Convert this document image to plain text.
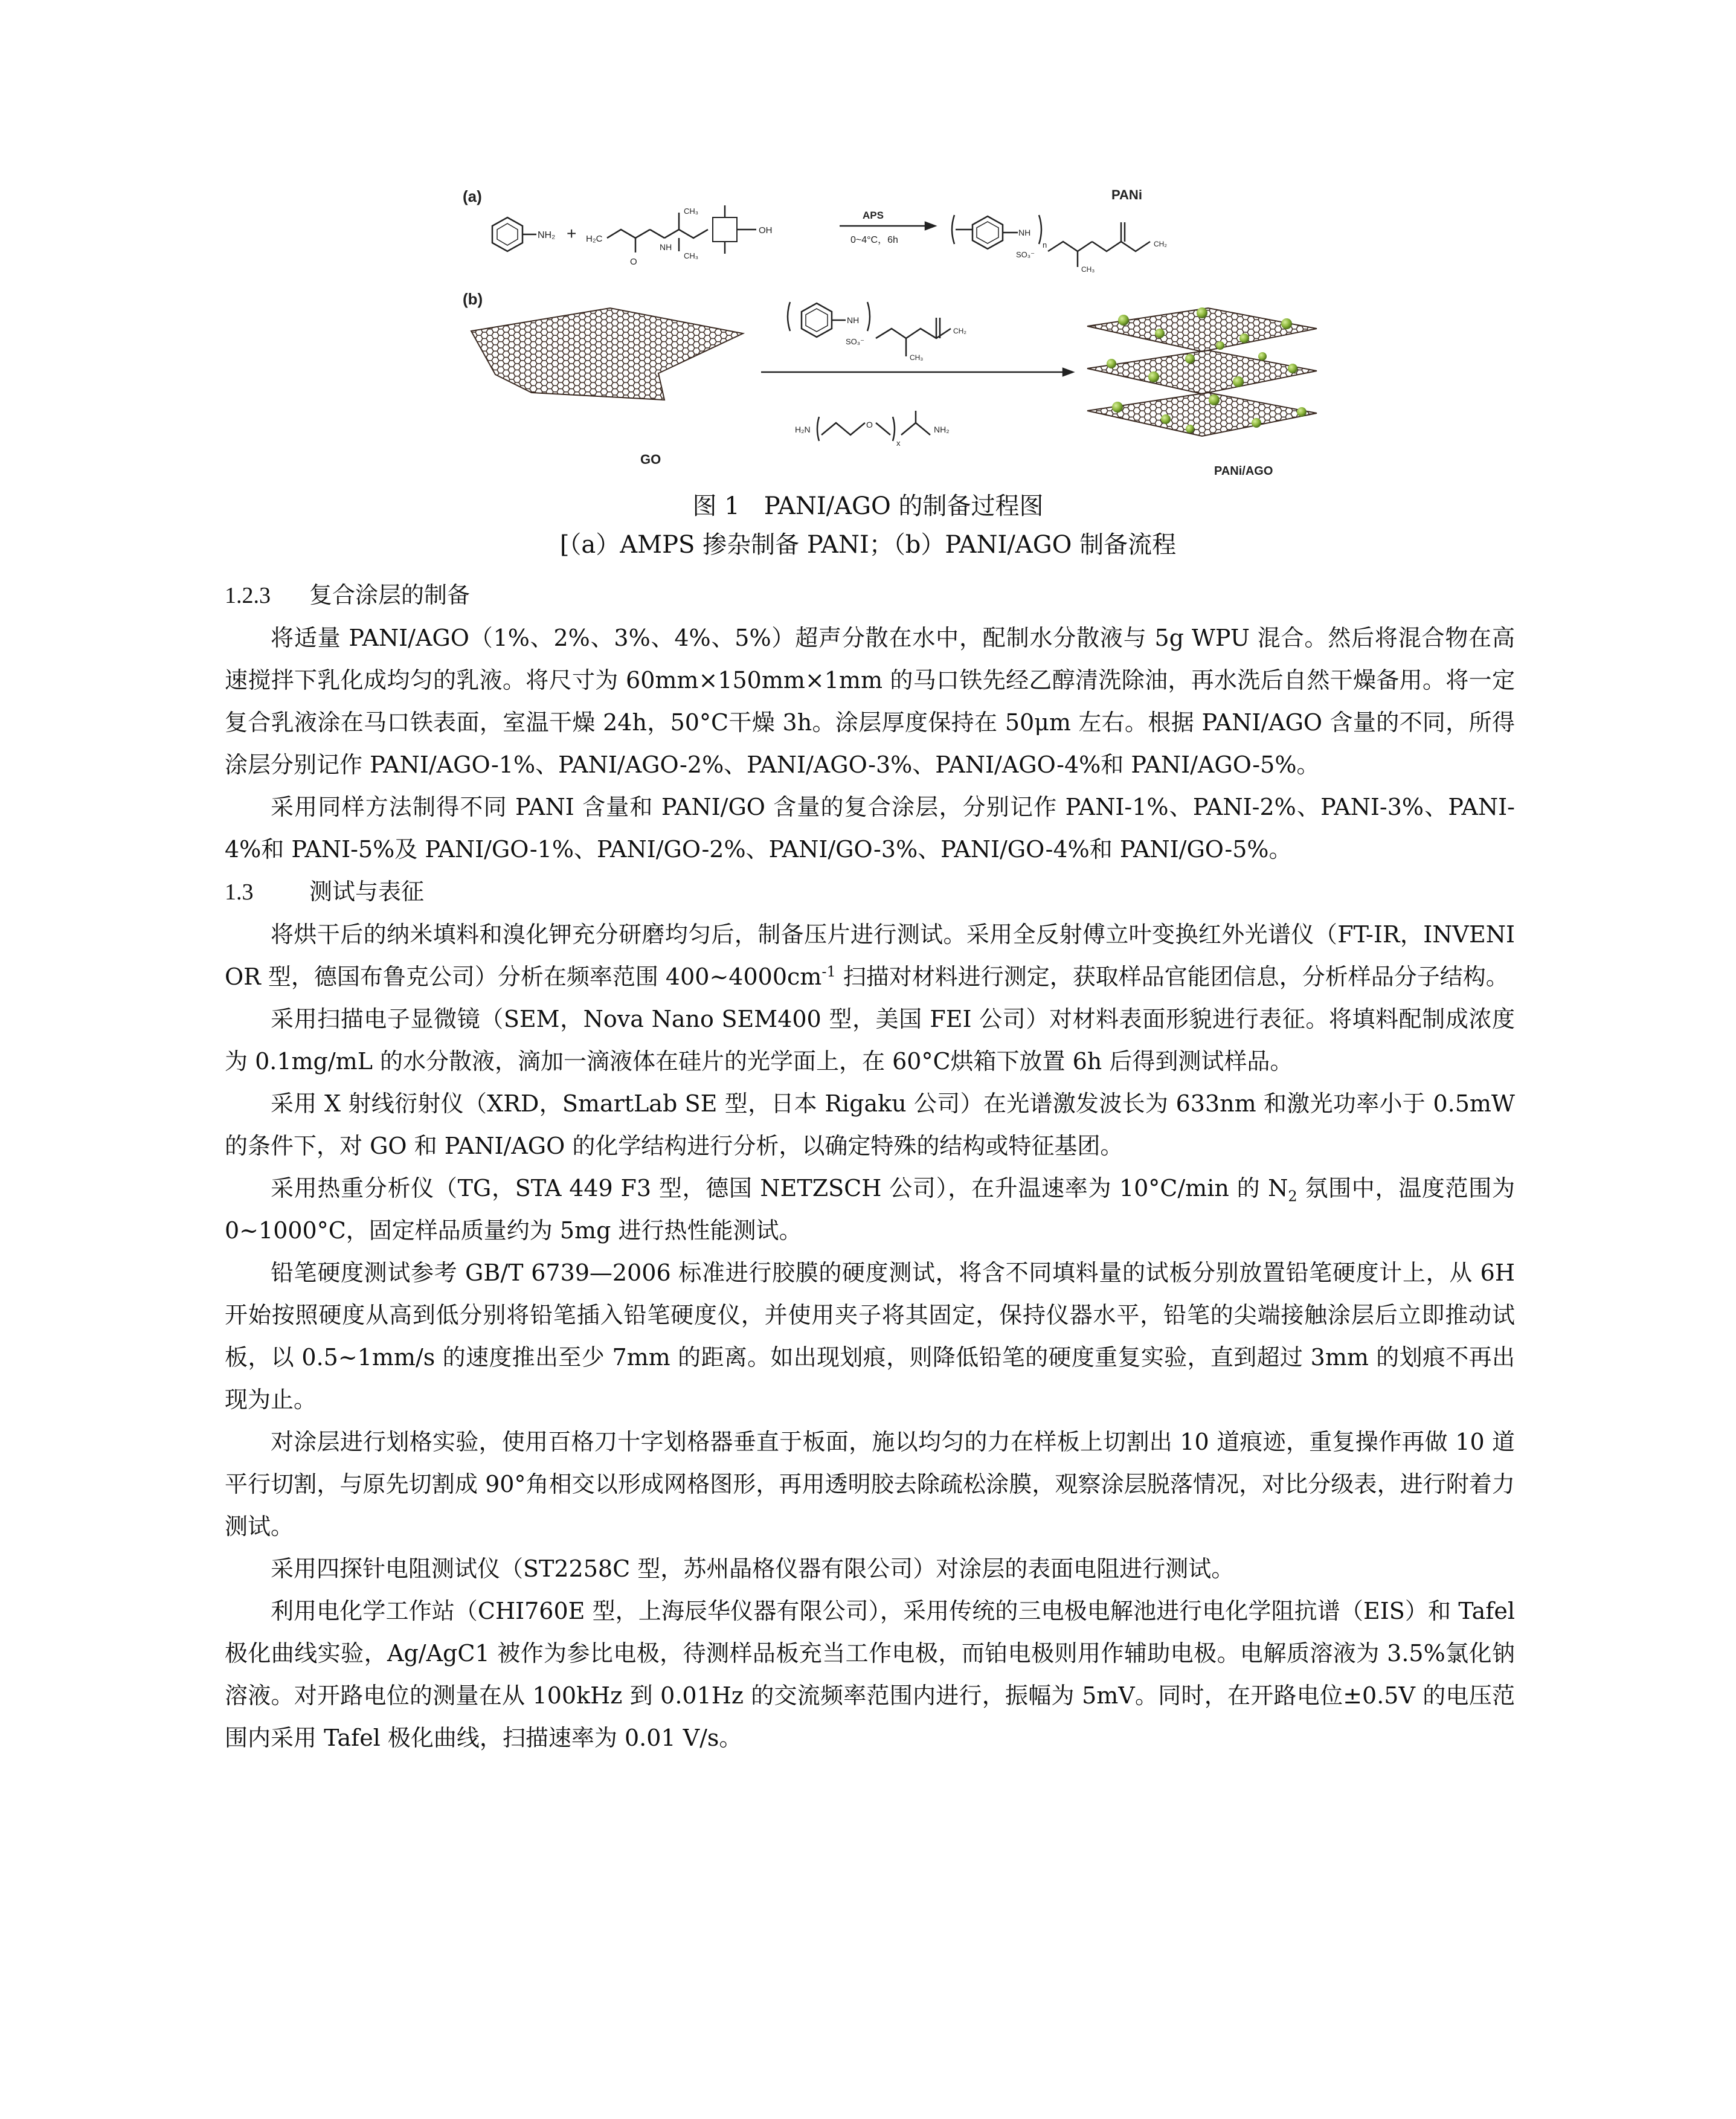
(a)
NH₂ + H₂C
O
NH
CH₃
CH₃
OH
APS
0~4°C，6h
PANi
NH
n
SO₃⁻
CH₃
CH₂
(b)
GO
NH
SO₃⁻
CH₃
CH₂
H₂N	O
x
NH₂
PANi/AGO
图 1　PANI/AGO 的制备过程图
[（a）AMPS 掺杂制备 PANI；（b）PANI/AGO 制备流程

1.2.3 复合涂层的制备

将适量 PANI/AGO（1%、2%、3%、4%、5%）超声分散在水中，配制水分散液与 5g WPU 混合。然后将混合物在高速搅拌下乳化成均匀的乳液。将尺寸为 60mm×150mm×1mm 的马口铁先经乙醇清洗除油，再水洗后自然干燥备用。将一定复合乳液涂在马口铁表面，室温干燥 24h，50°C干燥 3h。涂层厚度保持在 50μm 左右。根据 PANI/AGO 含量的不同，所得涂层分别记作 PANI/AGO-1%、PANI/AGO-2%、PANI/AGO-3%、PANI/AGO-4%和 PANI/AGO-5%。

采用同样方法制得不同 PANI 含量和 PANI/GO 含量的复合涂层，分别记作 PANI-1%、PANI-2%、PANI-3%、PANI-4%和 PANI-5%及 PANI/GO-1%、PANI/GO-2%、PANI/GO-3%、PANI/GO-4%和 PANI/GO-5%。

1.3 测试与表征

将烘干后的纳米填料和溴化钾充分研磨均匀后，制备压片进行测试。采用全反射傅立叶变换红外光谱仪（FT-IR，INVENIOR 型，德国布鲁克公司）分析在频率范围 $400\sim 4000cm^{-1}$ 扫描对材料进行测定，获取样品官能团信息，分析样品分子结构。

采用扫描电子显微镜（SEM，Nova Nano SEM400 型，美国 FEI 公司）对材料表面形貌进行表征。将填料配制成浓度为 0.1mg/mL 的水分散液，滴加一滴液体在硅片的光学面上，在 60°C烘箱下放置 6h 后得到测试样品。

采用 X 射线衍射仪（XRD，SmartLab SE 型，日本 Rigaku 公司）在光谱激发波长为 633nm 和激光功率小于 0.5mW 的条件下，对 GO 和 PANI/AGO 的化学结构进行分析，以确定特殊的结构或特征基团。

采用热重分析仪（TG，STA 449 F3 型，德国 NETZSCH 公司），在升温速率为 10°C/min 的 $N_2$ 氛围中，温度范围为 0~1000°C，固定样品质量约为 5mg 进行热性能测试。

铅笔硬度测试参考 GB/T 6739—2006 标准进行胶膜的硬度测试，将含不同填料量的试板分别放置铅笔硬度计上，从 6H 开始按照硬度从高到低分别将铅笔插入铅笔硬度仪，并使用夹子将其固定，保持仪器水平，铅笔的尖端接触涂层后立即推动试板，以 0.5~1mm/s 的速度推出至少 7mm 的距离。如出现划痕，则降低铅笔的硬度重复实验，直到超过 3mm 的划痕不再出现为止。

对涂层进行划格实验，使用百格刀十字划格器垂直于板面，施以均匀的力在样板上切割出 10 道痕迹，重复操作再做 10 道平行切割，与原先切割成 90°角相交以形成网格图形，再用透明胶去除疏松涂膜，观察涂层脱落情况，对比分级表，进行附着力测试。

采用四探针电阻测试仪（ST2258C 型，苏州晶格仪器有限公司）对涂层的表面电阻进行测试。

利用电化学工作站（CHI760E 型，上海辰华仪器有限公司），采用传统的三电极电解池进行电化学阻抗谱（EIS）和 Tafel 极化曲线实验，Ag/AgC1 被作为参比电极，待测样品板充当工作电极，而铂电极则用作辅助电极。电解质溶液为 3.5%氯化钠溶液。对开路电位的测量在从 100kHz 到 0.01Hz 的交流频率范围内进行，振幅为 5mV。同时，在开路电位±0.5V 的电压范围内采用 Tafel 极化曲线，扫描速率为 0.01 V/s。
